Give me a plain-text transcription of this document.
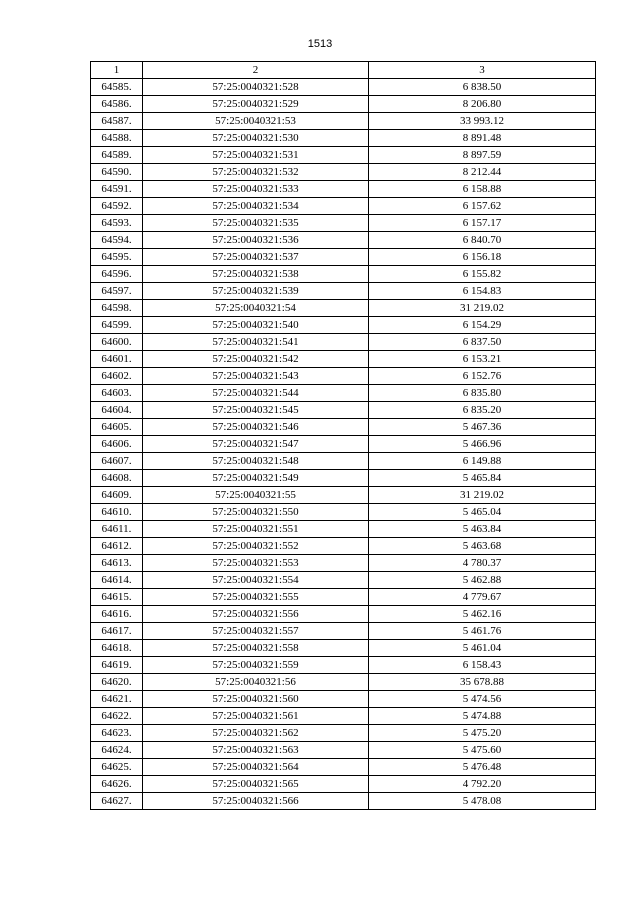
1513
1	2	3
64585.	57:25:0040321:528	6 838.50
64586.	57:25:0040321:529	8 206.80
64587.	57:25:0040321:53	33 993.12
64588.	57:25:0040321:530	8 891.48
64589.	57:25:0040321:531	8 897.59
64590.	57:25:0040321:532	8 212.44
64591.	57:25:0040321:533	6 158.88
64592.	57:25:0040321:534	6 157.62
64593.	57:25:0040321:535	6 157.17
64594.	57:25:0040321:536	6 840.70
64595.	57:25:0040321:537	6 156.18
64596.	57:25:0040321:538	6 155.82
64597.	57:25:0040321:539	6 154.83
64598.	57:25:0040321:54	31 219.02
64599.	57:25:0040321:540	6 154.29
64600.	57:25:0040321:541	6 837.50
64601.	57:25:0040321:542	6 153.21
64602.	57:25:0040321:543	6 152.76
64603.	57:25:0040321:544	6 835.80
64604.	57:25:0040321:545	6 835.20
64605.	57:25:0040321:546	5 467.36
64606.	57:25:0040321:547	5 466.96
64607.	57:25:0040321:548	6 149.88
64608.	57:25:0040321:549	5 465.84
64609.	57:25:0040321:55	31 219.02
64610.	57:25:0040321:550	5 465.04
64611.	57:25:0040321:551	5 463.84
64612.	57:25:0040321:552	5 463.68
64613.	57:25:0040321:553	4 780.37
64614.	57:25:0040321:554	5 462.88
64615.	57:25:0040321:555	4 779.67
64616.	57:25:0040321:556	5 462.16
64617.	57:25:0040321:557	5 461.76
64618.	57:25:0040321:558	5 461.04
64619.	57:25:0040321:559	6 158.43
64620.	57:25:0040321:56	35 678.88
64621.	57:25:0040321:560	5 474.56
64622.	57:25:0040321:561	5 474.88
64623.	57:25:0040321:562	5 475.20
64624.	57:25:0040321:563	5 475.60
64625.	57:25:0040321:564	5 476.48
64626.	57:25:0040321:565	4 792.20
64627.	57:25:0040321:566	5 478.08
